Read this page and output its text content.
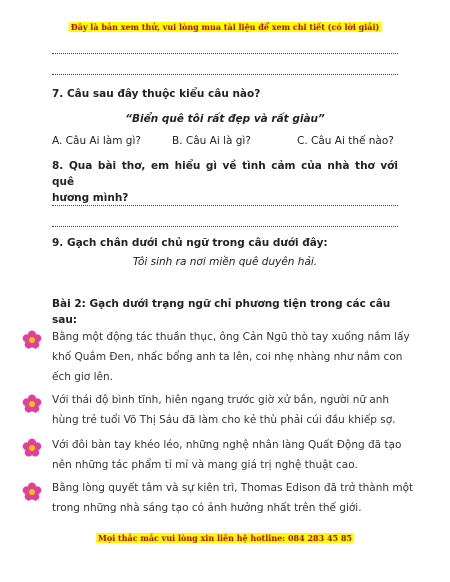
Đây là bản xem thử, vui lòng mua tài liệu để xem chi tiết (có lời giải)
7. Câu sau đây thuộc kiểu câu nào?
“Biển quê tôi rất đẹp và rất giàu”
A. Câu Ai làm gì?	B. Câu Ai là gì?	C. Câu Ai thế nào?
8. Qua bài thơ, em hiểu gì về tình cảm của nhà thơ với quê
hương mình?
9. Gạch chân dưới chủ ngữ trong câu dưới đây:
Tôi sinh ra nơi miền quê duyên hải.
Bài 2: Gạch dưới trạng ngữ chỉ phương tiện trong các câu
sau:
Bằng một động tác thuần thục, ông Cản Ngũ thò tay xuống nắm lấy
khố Quắm Đen, nhấc bổng anh ta lên, coi nhẹ nhàng như nắm con
ếch giơ lên.
Với thái độ bình tĩnh, hiên ngang trước giờ xử bắn, người nữ anh
hùng trẻ tuổi Võ Thị Sáu đã làm cho kẻ thù phải cúi đầu khiếp sợ.
Với đôi bàn tay khéo léo, những nghệ nhân làng Quất Động đã tạo
nên những tác phẩm tỉ mỉ và mang giá trị nghệ thuật cao.
Bằng lòng quyết tâm và sự kiên trì, Thomas Edison đã trở thành một
trong những nhà sáng tạo có ảnh hưởng nhất trên thế giới.
Mọi thắc mắc vui lòng xin liên hệ hotline: 084 283 45 85
